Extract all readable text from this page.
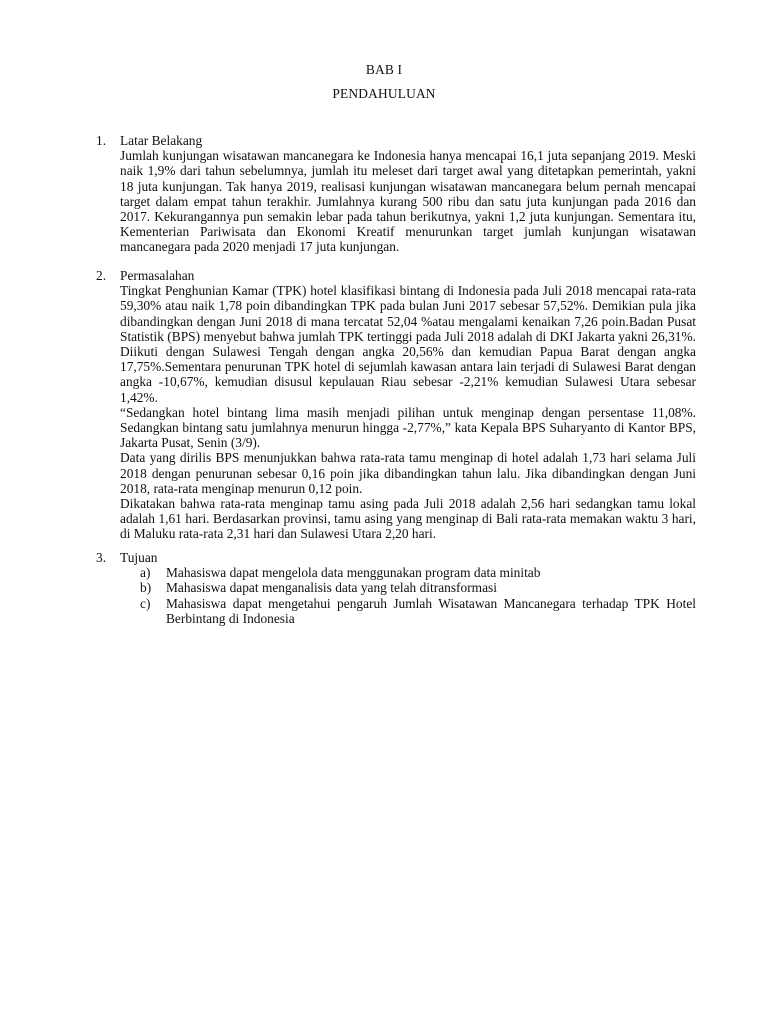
BAB I
PENDAHULUAN
1. Latar Belakang

Jumlah kunjungan wisatawan mancanegara ke Indonesia hanya mencapai 16,1 juta sepanjang 2019. Meski naik 1,9% dari tahun sebelumnya, jumlah itu meleset dari target awal yang ditetapkan pemerintah, yakni 18 juta kunjungan. Tak hanya 2019, realisasi kunjungan wisatawan mancanegara belum pernah mencapai target dalam empat tahun terakhir. Jumlahnya kurang 500 ribu dan satu juta kunjungan pada 2016 dan 2017. Kekurangannya pun semakin lebar pada tahun berikutnya, yakni 1,2 juta kunjungan. Sementara itu, Kementerian Pariwisata dan Ekonomi Kreatif menurunkan target jumlah kunjungan wisatawan mancanegara pada 2020 menjadi 17 juta kunjungan.

2. Permasalahan

Tingkat Penghunian Kamar (TPK) hotel klasifikasi bintang di Indonesia pada Juli 2018 mencapai rata-rata 59,30% atau naik 1,78 poin dibandingkan TPK pada bulan Juni 2017 sebesar 57,52%. Demikian pula jika dibandingkan dengan Juni 2018 di mana tercatat 52,04 %atau mengalami kenaikan 7,26 poin.Badan Pusat Statistik (BPS) menyebut bahwa jumlah TPK tertinggi pada Juli 2018 adalah di DKI Jakarta yakni 26,31%. Diikuti dengan Sulawesi Tengah dengan angka 20,56% dan kemudian Papua Barat dengan angka 17,75%.Sementara penurunan TPK hotel di sejumlah kawasan antara lain terjadi di Sulawesi Barat dengan angka -10,67%, kemudian disusul kepulauan Riau sebesar -2,21% kemudian Sulawesi Utara sebesar 1,42%.

“Sedangkan hotel bintang lima masih menjadi pilihan untuk menginap dengan persentase 11,08%. Sedangkan bintang satu jumlahnya menurun hingga -2,77%,” kata Kepala BPS Suharyanto di Kantor BPS, Jakarta Pusat, Senin (3/9).

Data yang dirilis BPS menunjukkan bahwa rata-rata tamu menginap di hotel adalah 1,73 hari selama Juli 2018 dengan penurunan sebesar 0,16 poin jika dibandingkan tahun lalu. Jika dibandingkan dengan Juni 2018, rata-rata menginap menurun 0,12 poin.

Dikatakan bahwa rata-rata menginap tamu asing pada Juli 2018 adalah 2,56 hari sedangkan tamu lokal adalah 1,61 hari. Berdasarkan provinsi, tamu asing yang menginap di Bali rata-rata memakan waktu 3 hari, di Maluku rata-rata 2,31 hari dan Sulawesi Utara 2,20 hari.

3. Tujuan
a) Mahasiswa dapat mengelola data menggunakan program data minitab
b) Mahasiswa dapat menganalisis data yang telah ditransformasi
c) Mahasiswa dapat mengetahui pengaruh Jumlah Wisatawan Mancanegara terhadap TPK Hotel Berbintang di Indonesia
